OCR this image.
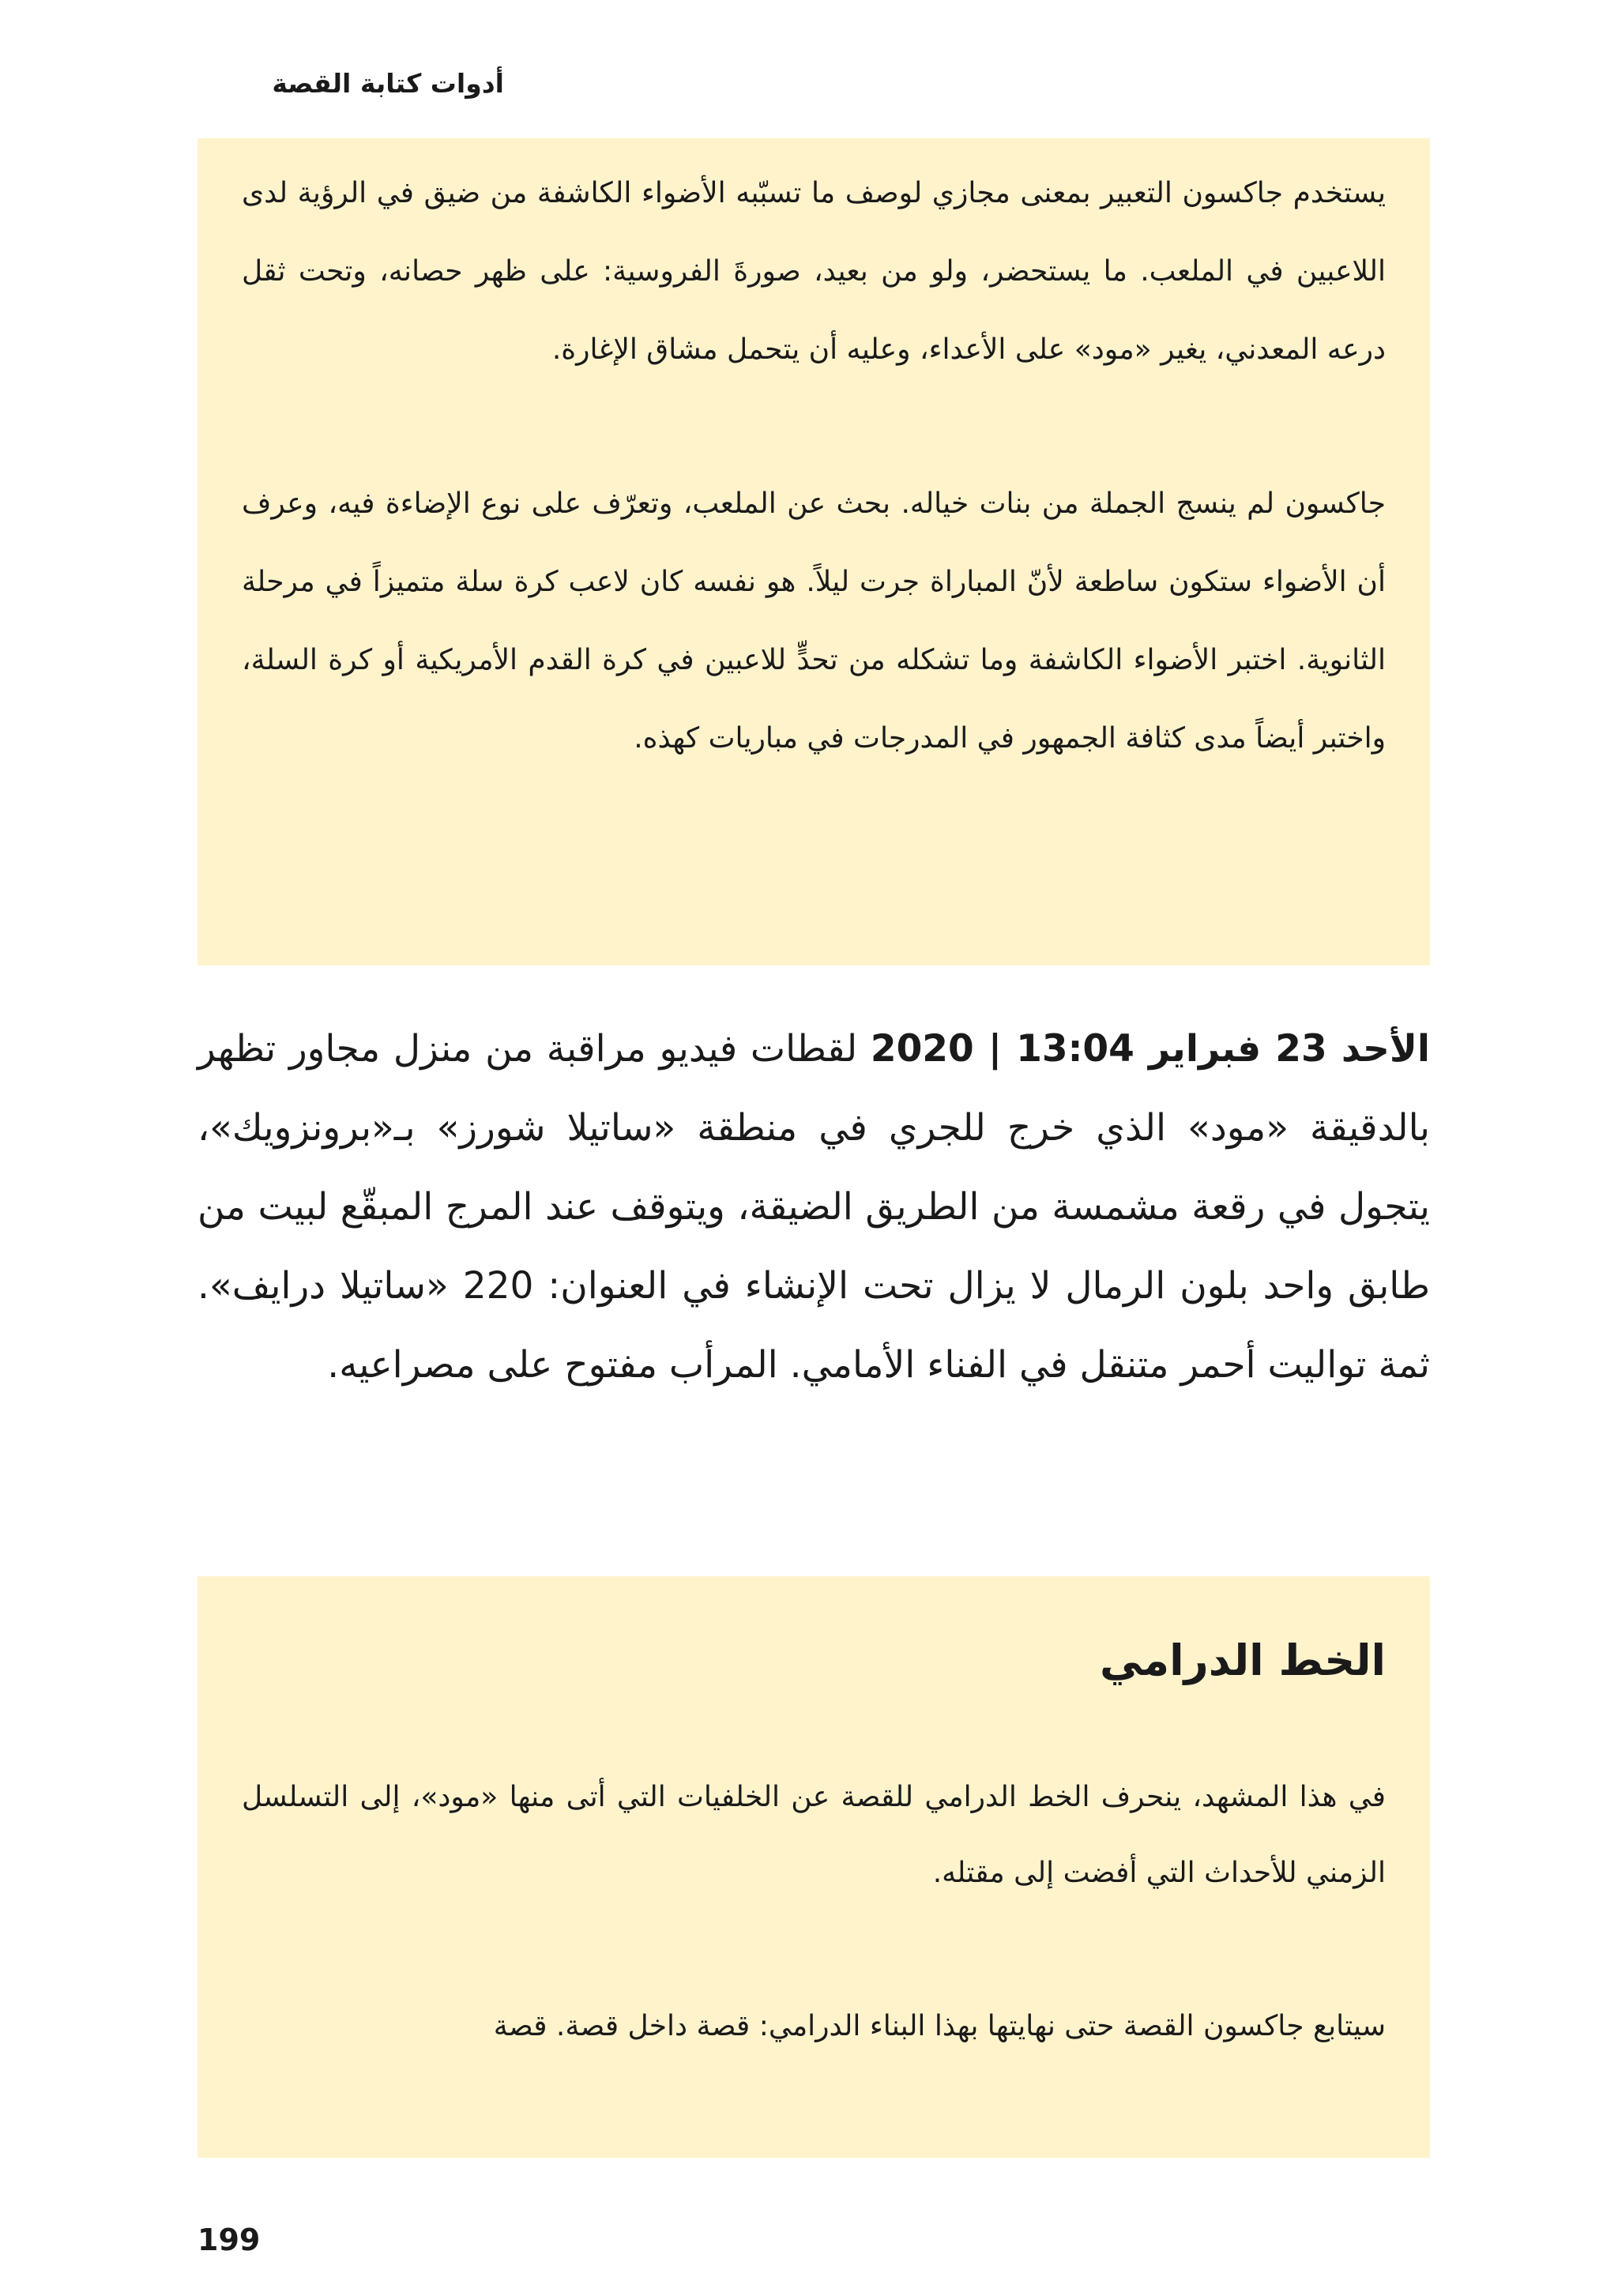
أدوات كتابة القصة

يستخدم جاكسون التعبير بمعنى مجازي لوصف ما تسبّبه الأضواء الكاشفة من ضيق في الرؤية لدى اللاعبين في الملعب. ما يستحضر، ولو من بعيد، صورةَ الفروسية: على ظهر حصانه، وتحت ثقل درعه المعدني، يغير «مود» على الأعداء، وعليه أن يتحمل مشاق الإغارة.

جاكسون لم ينسج الجملة من بنات خياله. بحث عن الملعب، وتعرّف على نوع الإضاءة فيه، وعرف أن الأضواء ستكون ساطعة لأنّ المباراة جرت ليلاً. هو نفسه كان لاعب كرة سلة متميزاً في مرحلة الثانوية. اختبر الأضواء الكاشفة وما تشكله من تحدٍّ للاعبين في كرة القدم الأمريكية أو كرة السلة، واختبر أيضاً مدى كثافة الجمهور في المدرجات في مباريات كهذه.

الأحد 23 فبراير 13:04 | 2020 لقطات فيديو مراقبة من منزل مجاور تظهر بالدقيقة «مود» الذي خرج للجري في منطقة «ساتيلا شورز» بـ«برونزويك»، يتجول في رقعة مشمسة من الطريق الضيقة، ويتوقف عند المرج المبقّع لبيت من طابق واحد بلون الرمال لا يزال تحت الإنشاء في العنوان: 220 «ساتيلا درايف». ثمة تواليت أحمر متنقل في الفناء الأمامي. المرأب مفتوح على مصراعيه.

الخط الدرامي

في هذا المشهد، ينحرف الخط الدرامي للقصة عن الخلفيات التي أتى منها «مود»، إلى التسلسل الزمني للأحداث التي أفضت إلى مقتله.

سيتابع جاكسون القصة حتى نهايتها بهذا البناء الدرامي: قصة داخل قصة. قصة

199
